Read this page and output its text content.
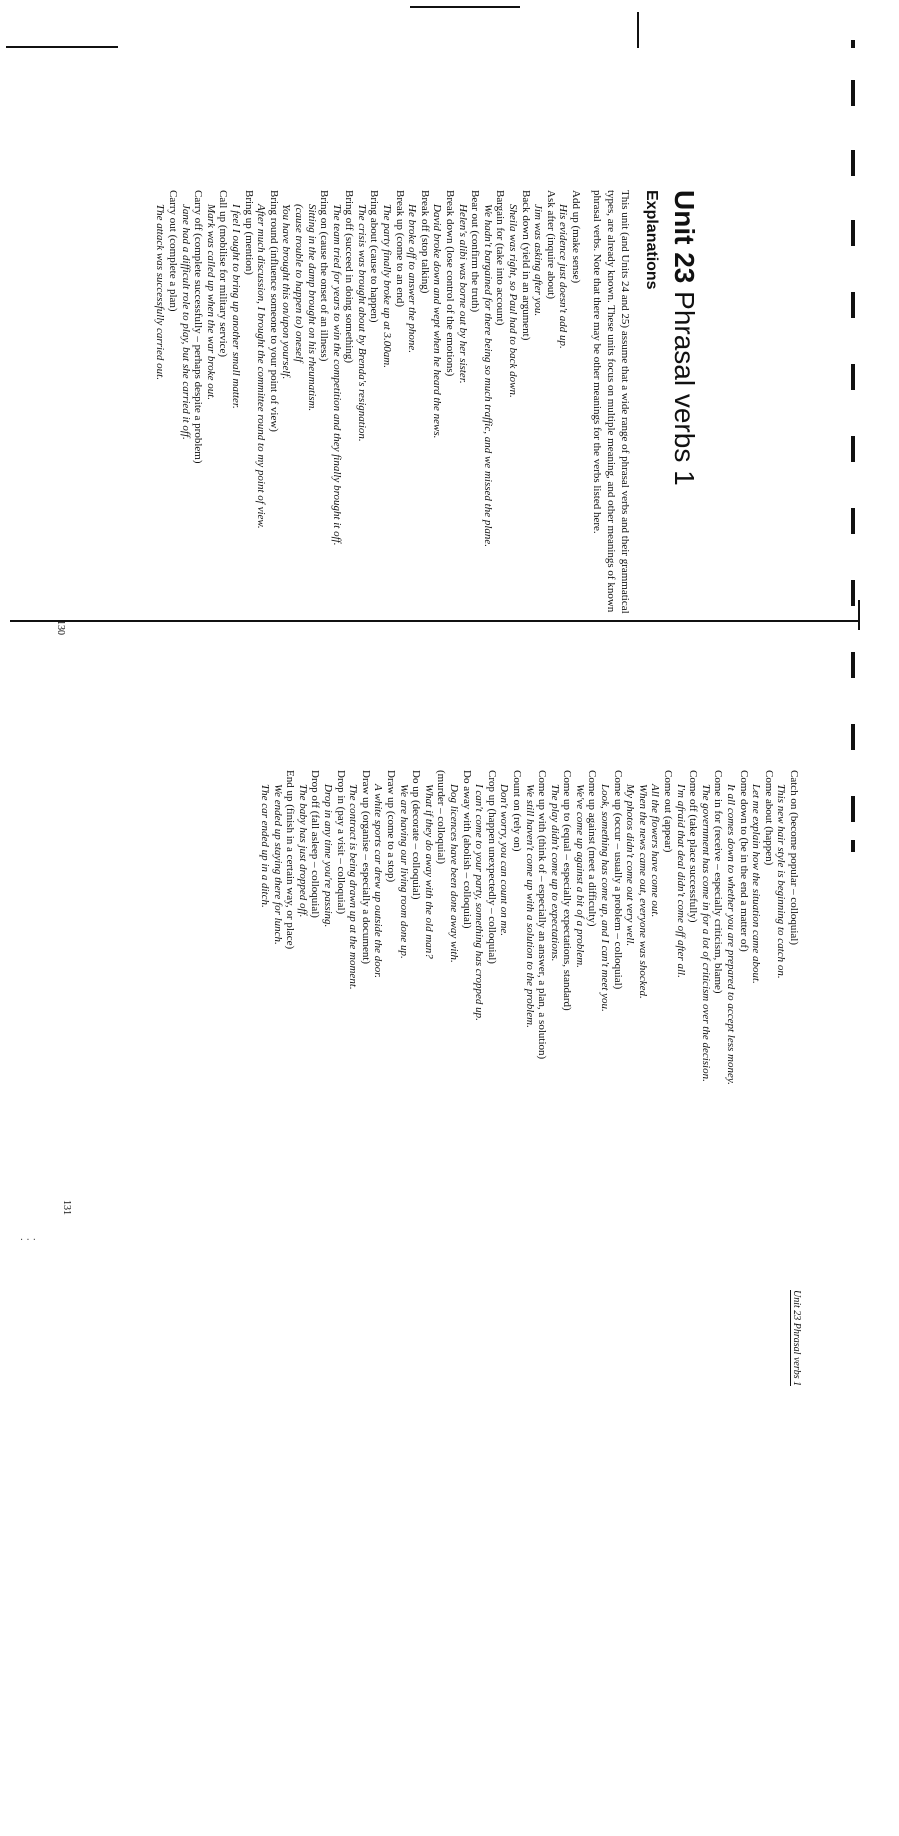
· · ·
Unit 23 Phrasal verbs 1
Explanations
This unit (and Units 24 and 25) assume that a wide range of phrasal verbs and their grammatical types, are already known. These units focus on multiple meaning, and other meanings of known phrasal verbs. Note that there may be other meanings for the verbs listed here.
Add up (make sense)
His evidence just doesn't add up.
Ask after (inquire about)
Jim was asking after you.
Back down (yield in an argument)
Sheila was right, so Paul had to back down.
Bargain for (take into account)
We hadn't bargained for there being so much traffic, and we missed the plane.
Bear out (confirm the truth)
Helen's alibi was borne out by her sister.
Break down (lose control of the emotions)
David broke down and wept when he heard the news.
Break off (stop talking)
He broke off to answer the phone.
Break up (come to an end)
The party finally broke up at 3.00am.
Bring about (cause to happen)
The crisis was brought about by Brenda's resignation.
Bring off (succeed in doing something)
The team tried for years to win the competition and they finally brought it off.
Bring on (cause the onset of an illness)
Sitting in the damp brought on his rheumatism.
(cause trouble to happen to) oneself
You have brought this on/upon yourself.
Bring round (influence someone to your point of view)
After much discussion, I brought the committee round to my point of view.
Bring up (mention)
I feel I ought to bring up another small matter.
Call up (mobilise for military service)
Mark was called up when the war broke out.
Carry off (complete successfully – perhaps despite a problem)
Jane had a difficult role to play, but she carried it off.
Carry out (complete a plan)
The attack was successfully carried out.
130
Unit 23 Phrasal verbs 1
Catch on (become popular – colloquial)
This new hair style is beginning to catch on.
Come about (happen)
Let me explain how the situation came about.
Come down to (be in the end a matter of)
It all comes down to whether you are prepared to accept less money.
Come in for (receive – especially criticism, blame)
The government has come in for a lot of criticism over the decision.
Come off (take place successfully)
I'm afraid that deal didn't come off after all.
Come out (appear)
All the flowers have come out.
When the news came out, everyone was shocked.
My photos didn't come out very well.
Come up (occur – usually a problem – colloquial)
Look, something has come up, and I can't meet you.
Come up against (meet a difficulty)
We've come up against a bit of a problem.
Come up to (equal – especially expectations, standard)
The play didn't come up to expectations.
Come up with (think of – especially an answer, a plan, a solution)
We still haven't come up with a solution to the problem.
Count on (rely on)
Don't worry, you can count on me.
Crop up (happen unexpectedly – colloquial)
I can't come to your party, something has cropped up.
Do away with (abolish – colloquial)
Dog licences have been done away with.
(murder – colloquial)
What if they do away with the old man?
Do up (decorate – colloquial)
We are having our living room done up.
Draw up (come to a stop)
A white sports car drew up outside the door.
Draw up (organise – especially a document)
The contract is being drawn up at the moment.
Drop in (pay a visit – colloquial)
Drop in any time you're passing.
Drop off (fall asleep – colloquial)
The baby has just dropped off.
End up (finish in a certain way, or place)
We ended up staying there for lunch.
The car ended up in a ditch.
131
